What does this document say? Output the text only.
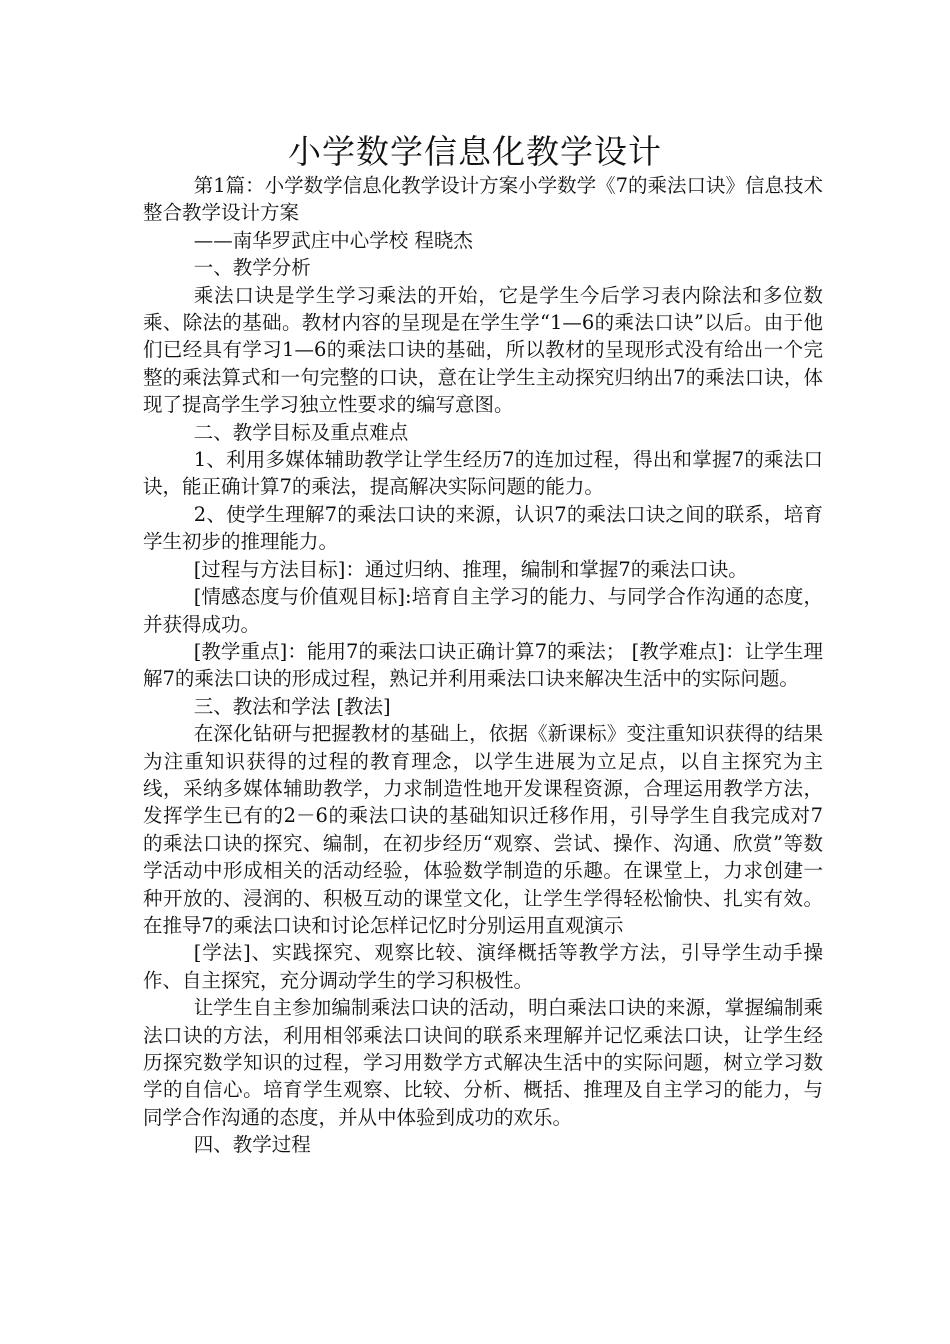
小学数学信息化教学设计

第1篇：小学数学信息化教学设计方案小学数学《7的乘法口诀》信息技术整合教学设计方案

——南华罗武庄中心学校 程晓杰

一、教学分析

乘法口诀是学生学习乘法的开始，它是学生今后学习表内除法和多位数乘、除法的基础。教材内容的呈现是在学生学“1—6的乘法口诀”以后。由于他们已经具有学习1—6的乘法口诀的基础，所以教材的呈现形式没有给出一个完整的乘法算式和一句完整的口诀，意在让学生主动探究归纳出7的乘法口诀，体现了提高学生学习独立性要求的编写意图。

二、教学目标及重点难点

1、利用多媒体辅助教学让学生经历7的连加过程，得出和掌握7的乘法口诀，能正确计算7的乘法，提高解决实际问题的能力。

2、使学生理解7的乘法口诀的来源，认识7的乘法口诀之间的联系，培育学生初步的推理能力。

[过程与方法目标]：通过归纳、推理，编制和掌握7的乘法口诀。

[情感态度与价值观目标]:培育自主学习的能力、与同学合作沟通的态度，并获得成功。

[教学重点]：能用7的乘法口诀正确计算7的乘法； [教学难点]：让学生理解7的乘法口诀的形成过程，熟记并利用乘法口诀来解决生活中的实际问题。

三、教法和学法 [教法]

在深化钻研与把握教材的基础上，依据《新课标》变注重知识获得的结果为注重知识获得的过程的教育理念，以学生进展为立足点，以自主探究为主线，采纳多媒体辅助教学，力求制造性地开发课程资源，合理运用教学方法，发挥学生已有的2－6的乘法口诀的基础知识迁移作用，引导学生自我完成对7的乘法口诀的探究、编制，在初步经历“观察、尝试、操作、沟通、欣赏”等数学活动中形成相关的活动经验，体验数学制造的乐趣。在课堂上，力求创建一种开放的、浸润的、积极互动的课堂文化，让学生学得轻松愉快、扎实有效。在推导7的乘法口诀和讨论怎样记忆时分别运用直观演示

[学法]、实践探究、观察比较、演绎概括等教学方法，引导学生动手操作、自主探究，充分调动学生的学习积极性。

让学生自主参加编制乘法口诀的活动，明白乘法口诀的来源，掌握编制乘法口诀的方法，利用相邻乘法口诀间的联系来理解并记忆乘法口诀，让学生经历探究数学知识的过程，学习用数学方式解决生活中的实际问题，树立学习数学的自信心。培育学生观察、比较、分析、概括、推理及自主学习的能力，与同学合作沟通的态度，并从中体验到成功的欢乐。

四、教学过程
